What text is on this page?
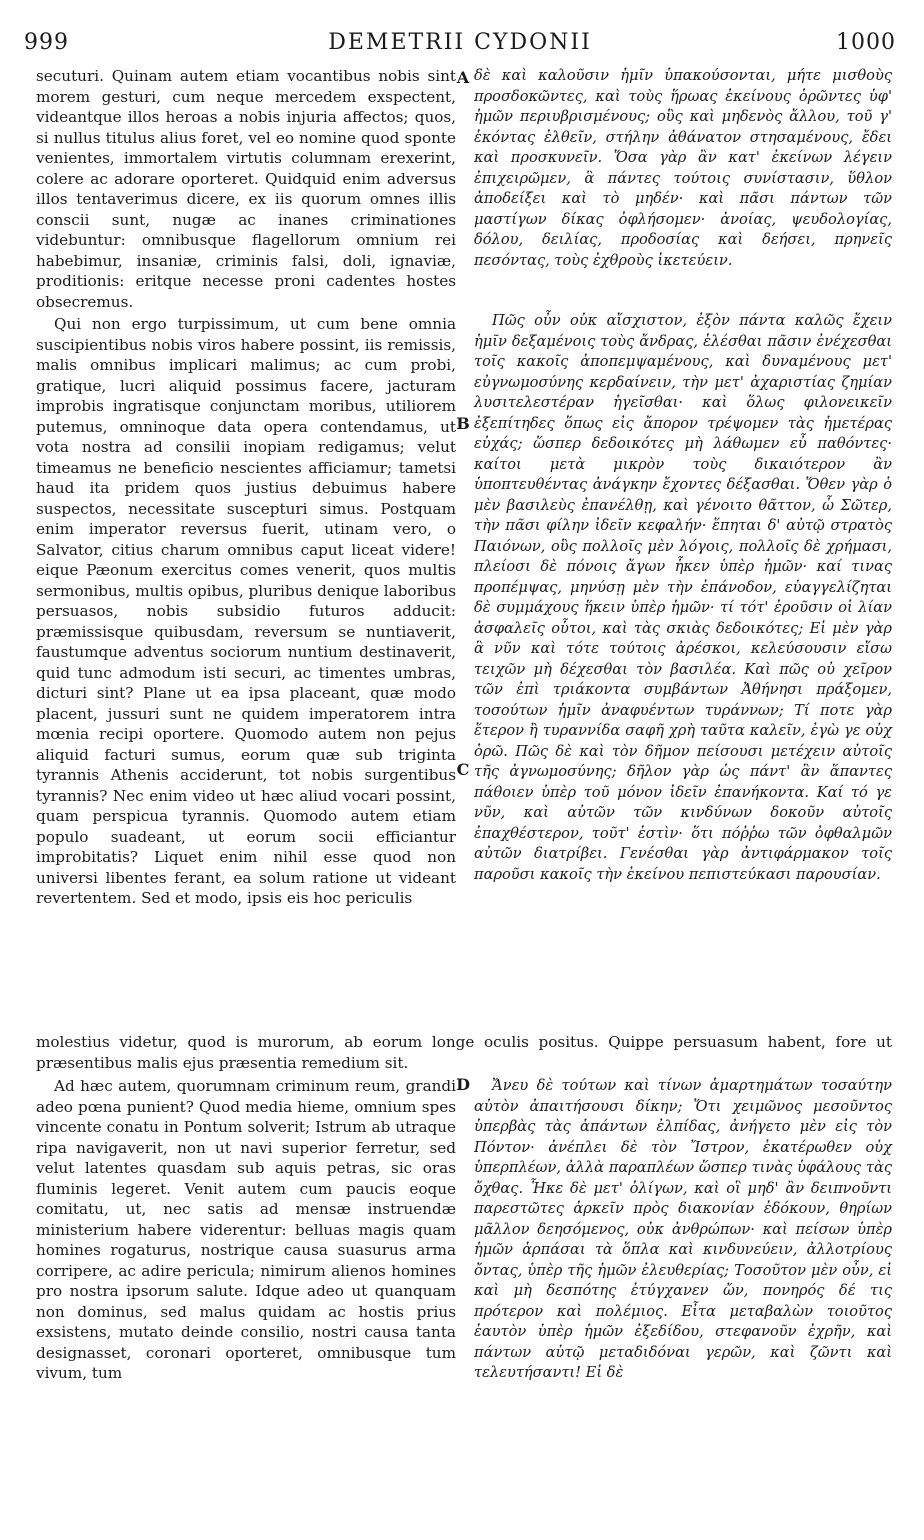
999	DEMETRII CYDONII	1000
A
B
C
D

secuturi. Quinam autem etiam vocantibus nobis sint morem gesturi, cum neque mercedem exspectent, videantque illos heroas a nobis injuria affectos; quos, si nullus titulus alius foret, vel eo nomine quod sponte venientes, immortalem virtutis columnam erexerint, colere ac adorare oporteret. Quidquid enim adversus illos tentaverimus dicere, ex iis quorum omnes illis conscii sunt, nugæ ac inanes criminationes videbuntur: omnibusque flagellorum omnium rei habebimur, insaniæ, criminis falsi, doli, ignaviæ, proditionis: eritque necesse proni cadentes hostes obsecremus.

Qui non ergo turpissimum, ut cum bene omnia suscipientibus nobis viros habere possint, iis remissis, malis omnibus implicari malimus; ac cum probi, gratique, lucri aliquid possimus facere, jacturam improbis ingratisque conjunctam moribus, utiliorem putemus, omninoque data opera contendamus, ut vota nostra ad consilii inopiam redigamus; velut timeamus ne beneficio nescientes afficiamur; tametsi haud ita pridem quos justius debuimus habere suspectos, necessitate suscepturi simus. Postquam enim imperator reversus fuerit, utinam vero, o Salvator, citius charum omnibus caput liceat videre! eique Pæonum exercitus comes venerit, quos multis sermonibus, multis opibus, pluribus denique laboribus persuasos, nobis subsidio futuros adducit: præmissisque quibusdam, reversum se nuntiaverit, faustumque adventus sociorum nuntium destinaverit, quid tunc admodum isti securi, ac timentes umbras, dicturi sint? Plane ut ea ipsa placeant, quæ modo placent, jussuri sunt ne quidem imperatorem intra mœnia recipi oportere. Quomodo autem non pejus aliquid facturi sumus, eorum quæ sub triginta tyrannis Athenis acciderunt, tot nobis surgentibus tyrannis? Nec enim video ut hæc aliud vocari possint, quam perspicua tyrannis. Quomodo autem etiam populo suadeant, ut eorum socii efficiantur improbitatis? Liquet enim nihil esse quod non universi libentes ferant, ea solum ratione ut videant revertentem. Sed et modo, ipsis eis hoc periculis

δὲ καὶ καλοῦσιν ἡμῖν ὑπακούσονται, μήτε μισθοὺς προσδοκῶντες, καὶ τοὺς ἥρωας ἐκείνους ὁρῶντες ὑφ' ἡμῶν περιυβρισμένους; οὓς καὶ μηδενὸς ἄλλου, τοῦ γ' ἑκόντας ἐλθεῖν, στήλην ἀθάνατον στησαμένους, ἔδει καὶ προσκυνεῖν. Ὅσα γὰρ ἂν κατ' ἐκείνων λέγειν ἐπιχειρῶμεν, ἃ πάντες τούτοις συνίστασιν, ὕθλον ἀποδείξει καὶ τὸ μηδέν· καὶ πᾶσι πάντων τῶν μαστίγων δίκας ὀφλήσομεν· ἀνοίας, ψευδολογίας, δόλου, δειλίας, προδοσίας καὶ δεήσει, πρηνεῖς πεσόντας, τοὺς ἐχθροὺς ἱκετεύειν.

Πῶς οὖν οὐκ αἴσχιστον, ἐξὸν πάντα καλῶς ἔχειν ἡμῖν δεξαμένοις τοὺς ἄνδρας, ἑλέσθαι πᾶσιν ἐνέχεσθαι τοῖς κακοῖς ἀποπεμψαμένους, καὶ δυναμένους μετ' εὐγνωμοσύνης κερδαίνειν, τὴν μετ' ἀχαριστίας ζημίαν λυσιτελεστέραν ἡγεῖσθαι· καὶ ὅλως φιλονεικεῖν ἐξεπίτηδες ὅπως εἰς ἄπορον τρέψομεν τὰς ἡμετέρας εὐχάς; ὥσπερ δεδοικότες μὴ λάθωμεν εὖ παθόντες· καίτοι μετὰ μικρὸν τοὺς δικαιότερον ἂν ὑποπτευθέντας ἀνάγκην ἔχοντες δέξασθαι. Ὅθεν γὰρ ὁ μὲν βασιλεὺς ἐπανέλθῃ, καὶ γένοιτο θᾶττον, ὦ Σῶτερ, τὴν πᾶσι φίλην ἰδεῖν κεφαλήν· ἕπηται δ' αὐτῷ στρατὸς Παιόνων, οὓς πολλοῖς μὲν λόγοις, πολλοῖς δὲ χρήμασι, πλείοσι δὲ πόνοις ἄγων ἧκεν ὑπὲρ ἡμῶν· καί τινας προπέμψας, μηνύσῃ μὲν τὴν ἐπάνοδον, εὐαγγελίζηται δὲ συμμάχους ἥκειν ὑπὲρ ἡμῶν· τί τότ' ἐροῦσιν οἱ λίαν ἀσφαλεῖς οὗτοι, καὶ τὰς σκιὰς δεδοικότες; Εἰ μὲν γὰρ ἃ νῦν καὶ τότε τούτοις ἀρέσκοι, κελεύσουσιν εἴσω τειχῶν μὴ δέχεσθαι τὸν βασιλέα. Καὶ πῶς οὐ χεῖρον τῶν ἐπὶ τριάκοντα συμβάντων Ἀθήνησι πράξομεν, τοσούτων ἡμῖν ἀναφυέντων τυράννων; Τί ποτε γὰρ ἕτερον ἢ τυραννίδα σαφῆ χρὴ ταῦτα καλεῖν, ἐγὼ γε οὐχ ὁρῶ. Πῶς δὲ καὶ τὸν δῆμον πείσουσι μετέχειν αὐτοῖς τῆς ἀγνωμοσύνης; δῆλον γὰρ ὡς πάντ' ἂν ἅπαντες πάθοιεν ὑπὲρ τοῦ μόνον ἰδεῖν ἐπανήκοντα. Καί τό γε νῦν, καὶ αὐτῶν τῶν κινδύνων δοκοῦν αὐτοῖς ἐπαχθέστερον, τοῦτ' ἐστὶν· ὅτι πόῤῥω τῶν ὀφθαλμῶν αὐτῶν διατρίβει. Γενέσθαι γὰρ ἀντιφάρμακον τοῖς παροῦσι κακοῖς τὴν ἐκείνου πεπιστεύκασι παρουσίαν.

molestius videtur, quod is murorum, ab eorum longe oculis positus. Quippe persuasum habent, fore ut præsentibus malis ejus præsentia remedium sit.

Ad hæc autem, quorumnam criminum reum, grandi adeo pœna punient? Quod media hieme, omnium spes vincente conatu in Pontum solverit; Istrum ab utraque ripa navigaverit, non ut navi superior ferretur, sed velut latentes quasdam sub aquis petras, sic oras fluminis legeret. Venit autem cum paucis eoque comitatu, ut, nec satis ad mensæ instruendæ ministerium habere viderentur: belluas magis quam homines rogaturus, nostrique causa suasurus arma corripere, ac adire pericula; nimirum alienos homines pro nostra ipsorum salute. Idque adeo ut quanquam non dominus, sed malus quidam ac hostis prius exsistens, mutato deinde consilio, nostri causa tanta designasset, coronari oporteret, omnibusque tum vivum, tum

Ἄνευ δὲ τούτων καὶ τίνων ἁμαρτημάτων τοσαύτην αὐτὸν ἀπαιτήσουσι δίκην; Ὅτι χειμῶνος μεσοῦντος ὑπερβὰς τὰς ἁπάντων ἐλπίδας, ἀνήγετο μὲν εἰς τὸν Πόντον· ἀνέπλει δὲ τὸν Ἴστρον, ἑκατέρωθεν οὐχ ὑπερπλέων, ἀλλὰ παραπλέων ὥσπερ τινὰς ὑφάλους τὰς ὄχθας. Ἧκε δὲ μετ' ὀλίγων, καὶ οἳ μηδ' ἂν δειπνοῦντι παρεστῶτες ἀρκεῖν πρὸς διακονίαν ἐδόκουν, θηρίων μᾶλλον δεησόμενος, οὐκ ἀνθρώπων· καὶ πείσων ὑπὲρ ἡμῶν ἁρπάσαι τὰ ὅπλα καὶ κινδυνεύειν, ἀλλοτρίους ὄντας, ὑπὲρ τῆς ἡμῶν ἐλευθερίας; Τοσοῦτον μὲν οὖν, εἰ καὶ μὴ δεσπότης ἐτύγχανεν ὤν, πονηρός δέ τις πρότερον καὶ πολέμιος. Εἶτα μεταβαλὼν τοιοῦτος ἑαυτὸν ὑπὲρ ἡμῶν ἐξεδίδου, στεφανοῦν ἐχρῆν, καὶ πάντων αὐτῷ μεταδιδόναι γερῶν, καὶ ζῶντι καὶ τελευτήσαντι! Εἰ δὲ
